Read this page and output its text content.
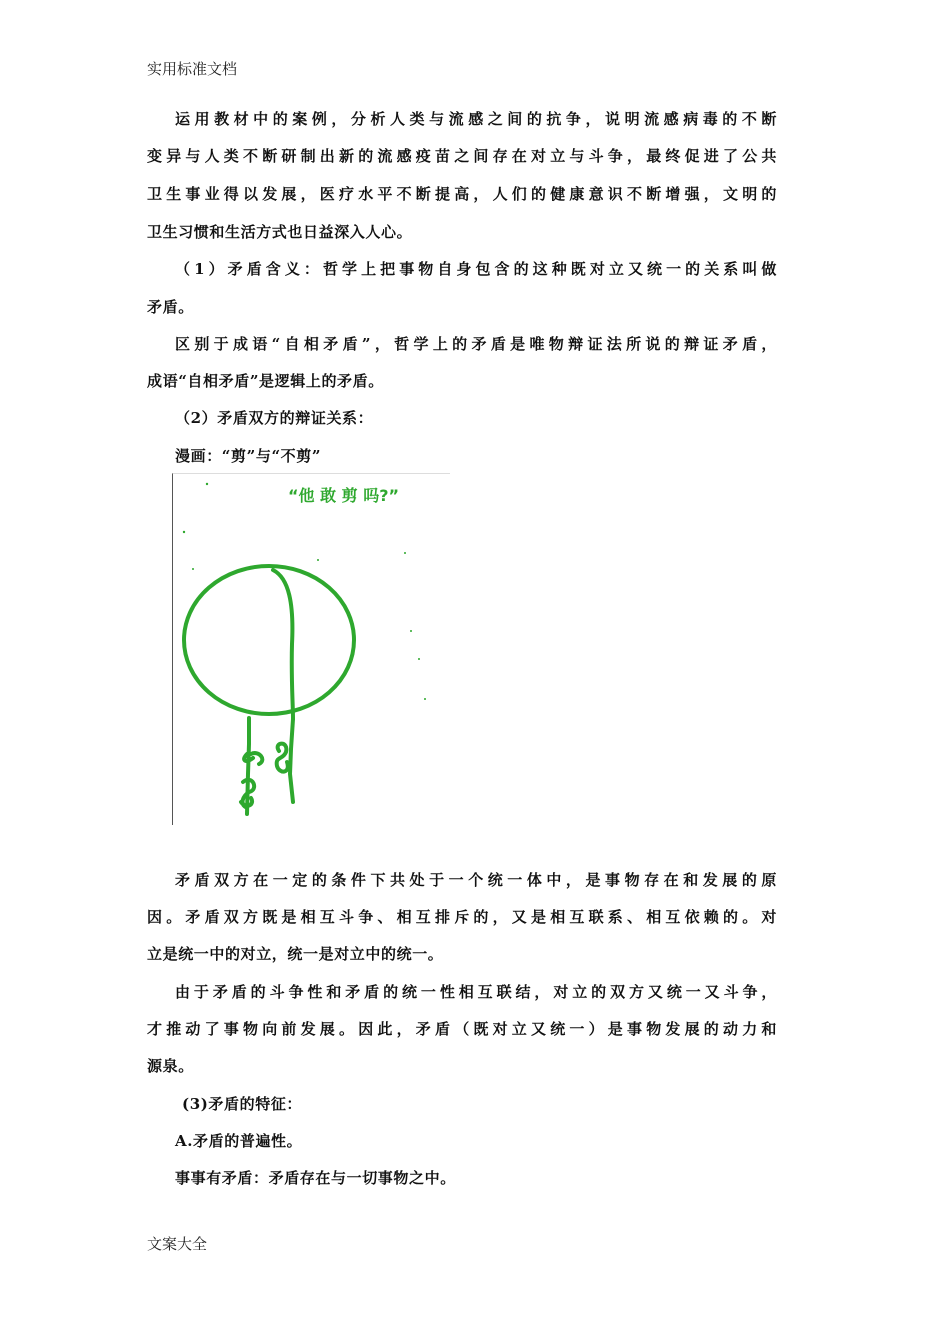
实用标准文档
运用教材中的案例，分析人类与流感之间的抗争，说明流感病毒的不断
变异与人类不断研制出新的流感疫苗之间存在对立与斗争，最终促进了公共
卫生事业得以发展，医疗水平不断提高，人们的健康意识不断增强，文明的
卫生习惯和生活方式也日益深入人心。
（1）矛盾含义：哲学上把事物自身包含的这种既对立又统一的关系叫做
矛盾。
区别于成语“自相矛盾”，哲学上的矛盾是唯物辩证法所说的辩证矛盾，
成语“自相矛盾”是逻辑上的矛盾。
（2）矛盾双方的辩证关系：
漫画：“剪”与“不剪”
“他 敢 剪 吗?”
矛盾双方在一定的条件下共处于一个统一体中，是事物存在和发展的原
因。矛盾双方既是相互斗争、相互排斥的，又是相互联系、相互依赖的。对
立是统一中的对立，统一是对立中的统一。
由于矛盾的斗争性和矛盾的统一性相互联结，对立的双方又统一又斗争，
才推动了事物向前发展。因此，矛盾（既对立又统一）是事物发展的动力和
源泉。
(3)矛盾的特征：
A.矛盾的普遍性。
事事有矛盾：矛盾存在与一切事物之中。
文案大全
